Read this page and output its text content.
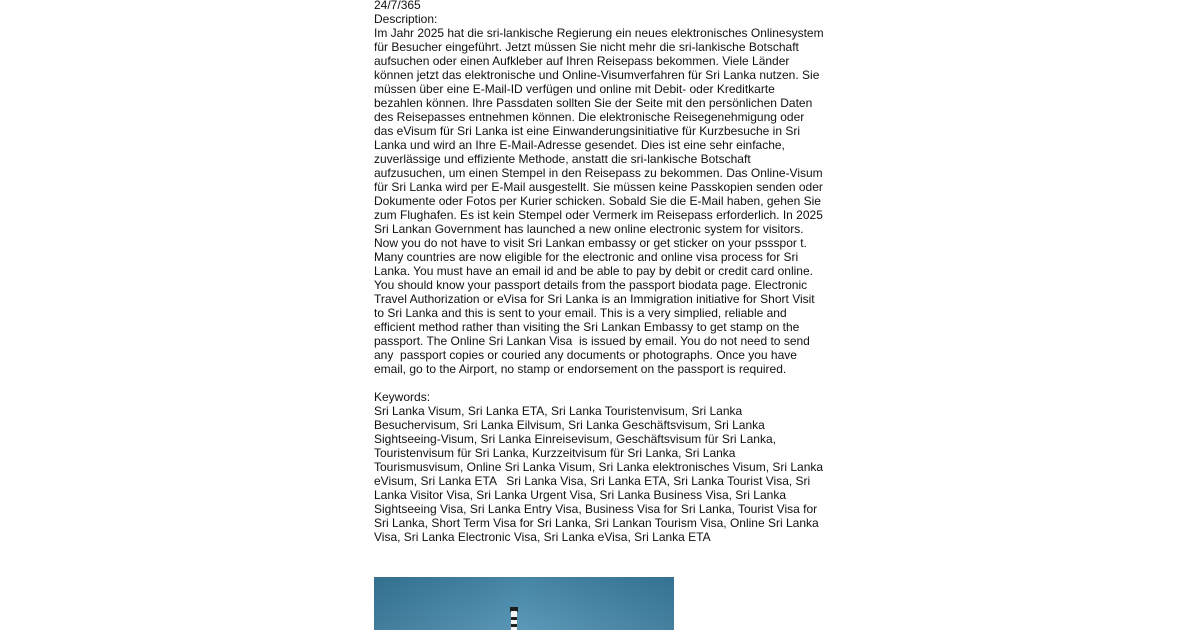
24/7/365
Description:
Im Jahr 2025 hat die sri-lankische Regierung ein neues elektronisches Onlinesystem
für Besucher eingeführt. Jetzt müssen Sie nicht mehr die sri-lankische Botschaft
aufsuchen oder einen Aufkleber auf Ihren Reisepass bekommen. Viele Länder
können jetzt das elektronische und Online-Visumverfahren für Sri Lanka nutzen. Sie
müssen über eine E-Mail-ID verfügen und online mit Debit- oder Kreditkarte
bezahlen können. Ihre Passdaten sollten Sie der Seite mit den persönlichen Daten
des Reisepasses entnehmen können. Die elektronische Reisegenehmigung oder
das eVisum für Sri Lanka ist eine Einwanderungsinitiative für Kurzbesuche in Sri
Lanka und wird an Ihre E-Mail-Adresse gesendet. Dies ist eine sehr einfache,
zuverlässige und effiziente Methode, anstatt die sri-lankische Botschaft
aufzusuchen, um einen Stempel in den Reisepass zu bekommen. Das Online-Visum
für Sri Lanka wird per E-Mail ausgestellt. Sie müssen keine Passkopien senden oder
Dokumente oder Fotos per Kurier schicken. Sobald Sie die E-Mail haben, gehen Sie
zum Flughafen. Es ist kein Stempel oder Vermerk im Reisepass erforderlich. In 2025
Sri Lankan Government has launched a new online electronic system for visitors.
Now you do not have to visit Sri Lankan embassy or get sticker on your pssspor t.
Many countries are now eligible for the electronic and online visa process for Sri
Lanka. You must have an email id and be able to pay by debit or credit card online.
You should know your passport details from the passport biodata page. Electronic
Travel Authorization or eVisa for Sri Lanka is an Immigration initiative for Short Visit
to Sri Lanka and this is sent to your email. This is a very simplied, reliable and
efficient method rather than visiting the Sri Lankan Embassy to get stamp on the
passport. The Online Sri Lankan Visa  is issued by email. You do not need to send
any  passport copies or couried any documents or photographs. Once you have
email, go to the Airport, no stamp or endorsement on the passport is required.
Keywords:
Sri Lanka Visum, Sri Lanka ETA, Sri Lanka Touristenvisum, Sri Lanka
Besuchervisum, Sri Lanka Eilvisum, Sri Lanka Geschäftsvisum, Sri Lanka
Sightseeing-Visum, Sri Lanka Einreisevisum, Geschäftsvisum für Sri Lanka,
Touristenvisum für Sri Lanka, Kurzzeitvisum für Sri Lanka, Sri Lanka
Tourismusvisum, Online Sri Lanka Visum, Sri Lanka elektronisches Visum, Sri Lanka
eVisum, Sri Lanka ETA   Sri Lanka Visa, Sri Lanka ETA, Sri Lanka Tourist Visa, Sri
Lanka Visitor Visa, Sri Lanka Urgent Visa, Sri Lanka Business Visa, Sri Lanka
Sightseeing Visa, Sri Lanka Entry Visa, Business Visa for Sri Lanka, Tourist Visa for
Sri Lanka, Short Term Visa for Sri Lanka, Sri Lankan Tourism Visa, Online Sri Lanka
Visa, Sri Lanka Electronic Visa, Sri Lanka eVisa, Sri Lanka ETA
